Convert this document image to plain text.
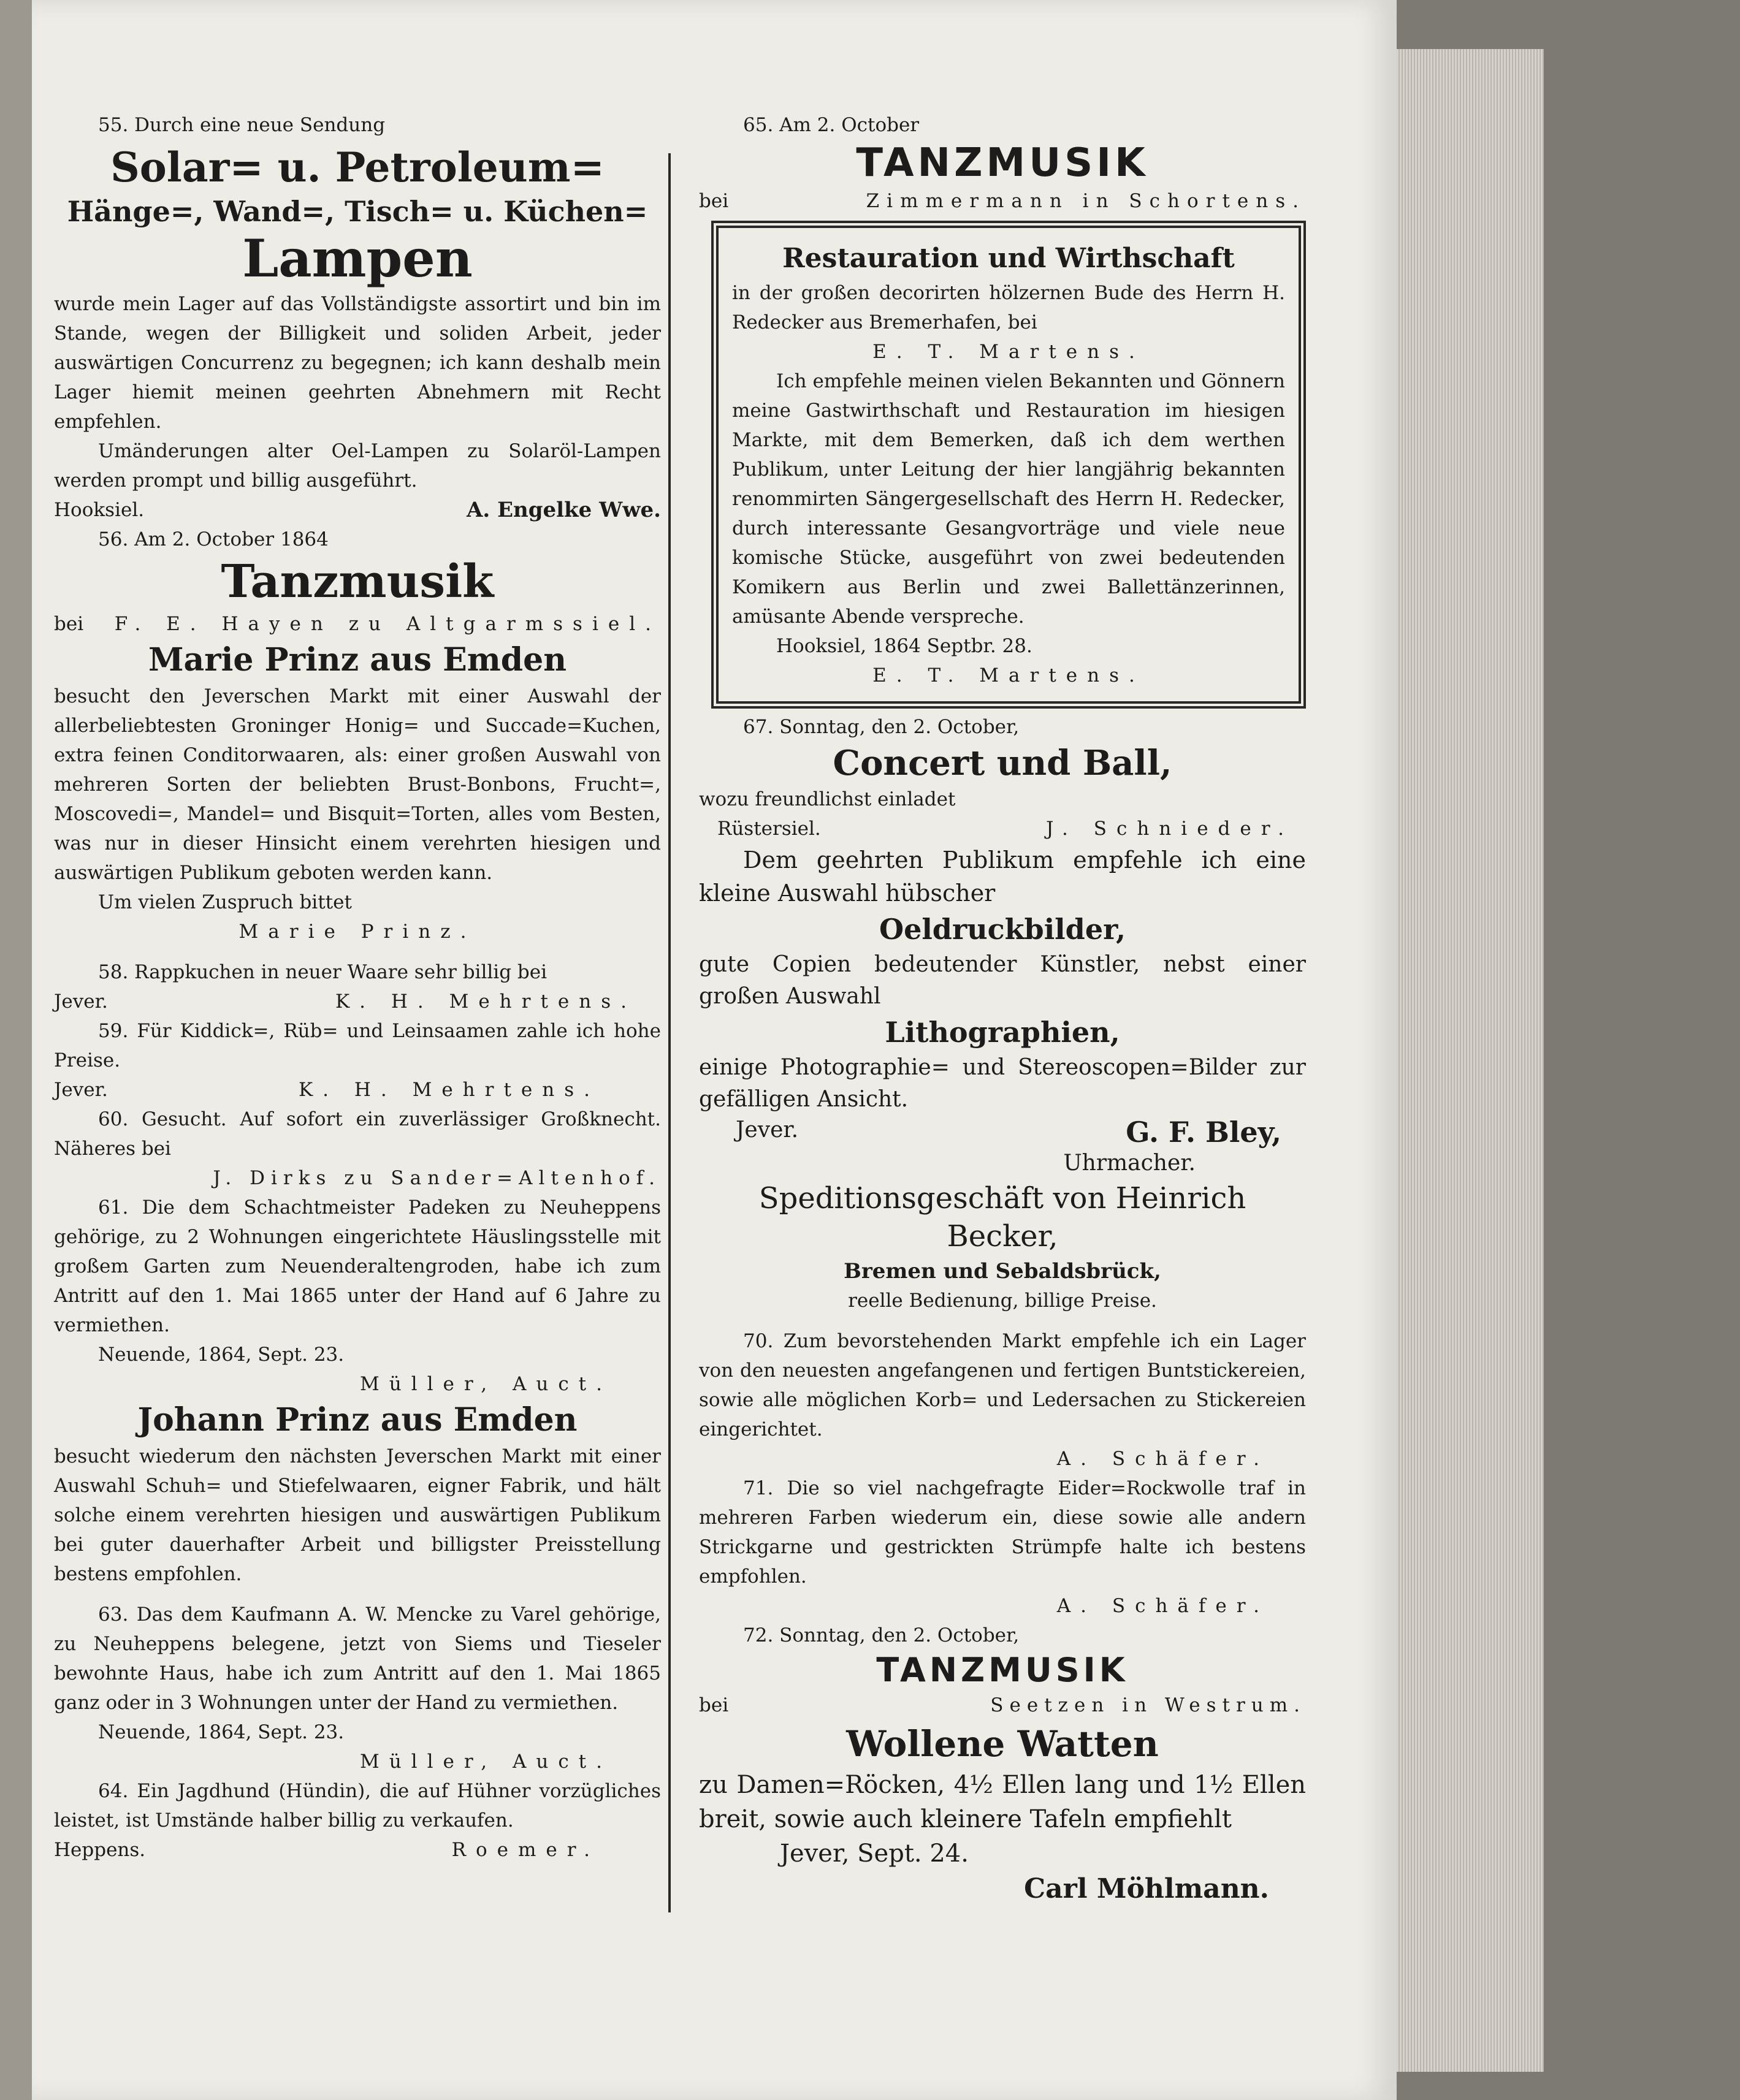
55. Durch eine neue Sendung

Solar= u. Petroleum=
Hänge=, Wand=, Tisch= u. Küchen=
Lampen

wurde mein Lager auf das Vollständigste assortirt und bin im Stande, wegen der Billigkeit und soliden Arbeit, jeder auswärtigen Concurrenz zu begegnen; ich kann deshalb mein Lager hiemit meinen geehrten Abnehmern mit Recht empfehlen.

Umänderungen alter Oel-Lampen zu Solaröl-Lampen werden prompt und billig ausgeführt.

Hooksiel.	A. Engelke Wwe.

56. Am 2. October 1864

Tanzmusik
bei F. E. Hayen zu Altgarmssiel.
Marie Prinz aus Emden

besucht den Jeverschen Markt mit einer Auswahl der allerbeliebtesten Groninger Honig= und Succade=Kuchen, extra feinen Conditorwaaren, als: einer großen Auswahl von mehreren Sorten der beliebten Brust-Bonbons, Frucht=, Moscovedi=, Mandel= und Bisquit=Torten, alles vom Besten, was nur in dieser Hinsicht einem verehrten hiesigen und auswärtigen Publikum geboten werden kann.

Um vielen Zuspruch bittet

Marie Prinz.

58. Rappkuchen in neuer Waare sehr billig bei

Jever.	K. H. Mehrtens.

59. Für Kiddick=, Rüb= und Leinsaamen zahle ich hohe Preise.

Jever.	K. H. Mehrtens.

60. Gesucht. Auf sofort ein zuverlässiger Großknecht. Näheres bei

J. Dirks zu Sander=Altenhof.

61. Die dem Schachtmeister Padeken zu Neuheppens gehörige, zu 2 Wohnungen eingerichtete Häuslingsstelle mit großem Garten zum Neuenderaltengroden, habe ich zum Antritt auf den 1. Mai 1865 unter der Hand auf 6 Jahre zu vermiethen.

Neuende, 1864, Sept. 23.

Müller, Auct.

Johann Prinz aus Emden

besucht wiederum den nächsten Jeverschen Markt mit einer Auswahl Schuh= und Stiefelwaaren, eigner Fabrik, und hält solche einem verehrten hiesigen und auswärtigen Publikum bei guter dauerhafter Arbeit und billigster Preisstellung bestens empfohlen.

63. Das dem Kaufmann A. W. Mencke zu Varel gehörige, zu Neuheppens belegene, jetzt von Siems und Tieseler bewohnte Haus, habe ich zum Antritt auf den 1. Mai 1865 ganz oder in 3 Wohnungen unter der Hand zu vermiethen.

Neuende, 1864, Sept. 23.

Müller, Auct.

64. Ein Jagdhund (Hündin), die auf Hühner vorzügliches leistet, ist Umstände halber billig zu verkaufen.

Heppens.	Roemer.

65. Am 2. October

TANZMUSIK
bei	Zimmermann in Schortens.
Restauration und Wirthschaft

in der großen decorirten hölzernen Bude des Herrn H. Redecker aus Bremerhafen, bei

E. T. Martens.

Ich empfehle meinen vielen Bekannten und Gönnern meine Gastwirthschaft und Restauration im hiesigen Markte, mit dem Bemerken, daß ich dem werthen Publikum, unter Leitung der hier langjährig bekannten renommirten Sängergesellschaft des Herrn H. Redecker, durch interessante Gesangvorträge und viele neue komische Stücke, ausgeführt von zwei bedeutenden Komikern aus Berlin und zwei Ballettänzerinnen, amüsante Abende verspreche.

Hooksiel, 1864 Septbr. 28.

E. T. Martens.

67. Sonntag, den 2. October,

Concert und Ball,

wozu freundlichst einladet

Rüstersiel.	J. Schnieder.

Dem geehrten Publikum empfehle ich eine kleine Auswahl hübscher

Oeldruckbilder,

gute Copien bedeutender Künstler, nebst einer großen Auswahl

Lithographien,

einige Photographie= und Stereoscopen=Bilder zur gefälligen Ansicht.

Jever.	G. F. Bley,

Uhrmacher.

Speditionsgeschäft von Heinrich Becker,

Bremen und Sebaldsbrück,

reelle Bedienung, billige Preise.

70. Zum bevorstehenden Markt empfehle ich ein Lager von den neuesten angefangenen und fertigen Buntstickereien, sowie alle möglichen Korb= und Ledersachen zu Stickereien eingerichtet.

A. Schäfer.

71. Die so viel nachgefragte Eider=Rockwolle traf in mehreren Farben wiederum ein, diese sowie alle andern Strickgarne und gestrickten Strümpfe halte ich bestens empfohlen.

A. Schäfer.

72. Sonntag, den 2. October,

TANZMUSIK
bei	Seetzen in Westrum.
Wollene Watten

zu Damen=Röcken, 4½ Ellen lang und 1½ Ellen breit, sowie auch kleinere Tafeln empfiehlt

Jever, Sept. 24.

Carl Möhlmann.
